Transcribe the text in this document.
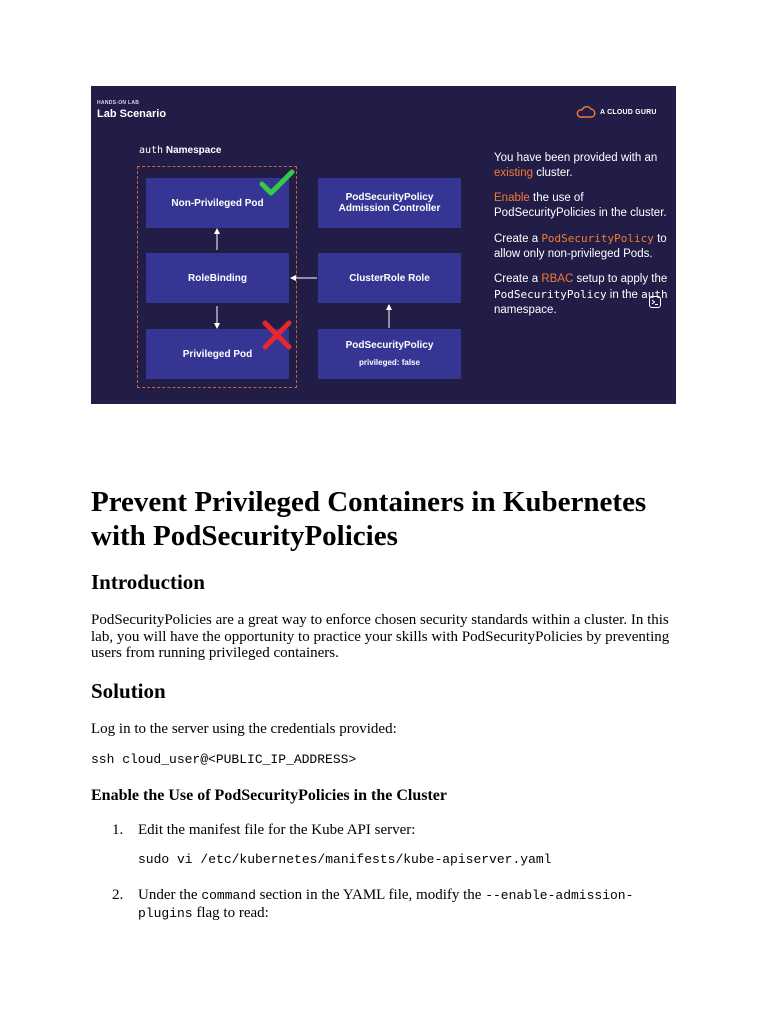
HANDS-ON LAB
Lab Scenario	A CLOUD GURU
auth Namespace
Non-Privileged Pod
RoleBinding
Privileged Pod
PodSecurityPolicy
Admission Controller
ClusterRole Role
PodSecurityPolicy
privileged: false

You have been provided with an existing cluster.

Enable the use of PodSecurityPolicies in the cluster.

Create a PodSecurityPolicy to allow only non-privileged Pods.

Create a RBAC setup to apply the PodSecurityPolicy in the auth namespace.

Prevent Privileged Containers in Kubernetes with PodSecurityPolicies
Introduction

PodSecurityPolicies are a great way to enforce chosen security standards within a cluster. In this lab, you will have the opportunity to practice your skills with PodSecurityPolicies by preventing users from running privileged containers.

Solution

Log in to the server using the credentials provided:

ssh cloud_user@<PUBLIC_IP_ADDRESS>
Enable the Use of PodSecurityPolicies in the Cluster
1. Edit the manifest file for the Kube API server:

sudo vi /etc/kubernetes/manifests/kube-apiserver.yaml
2. Under the command section in the YAML file, modify the --enable-admission-plugins flag to read:
